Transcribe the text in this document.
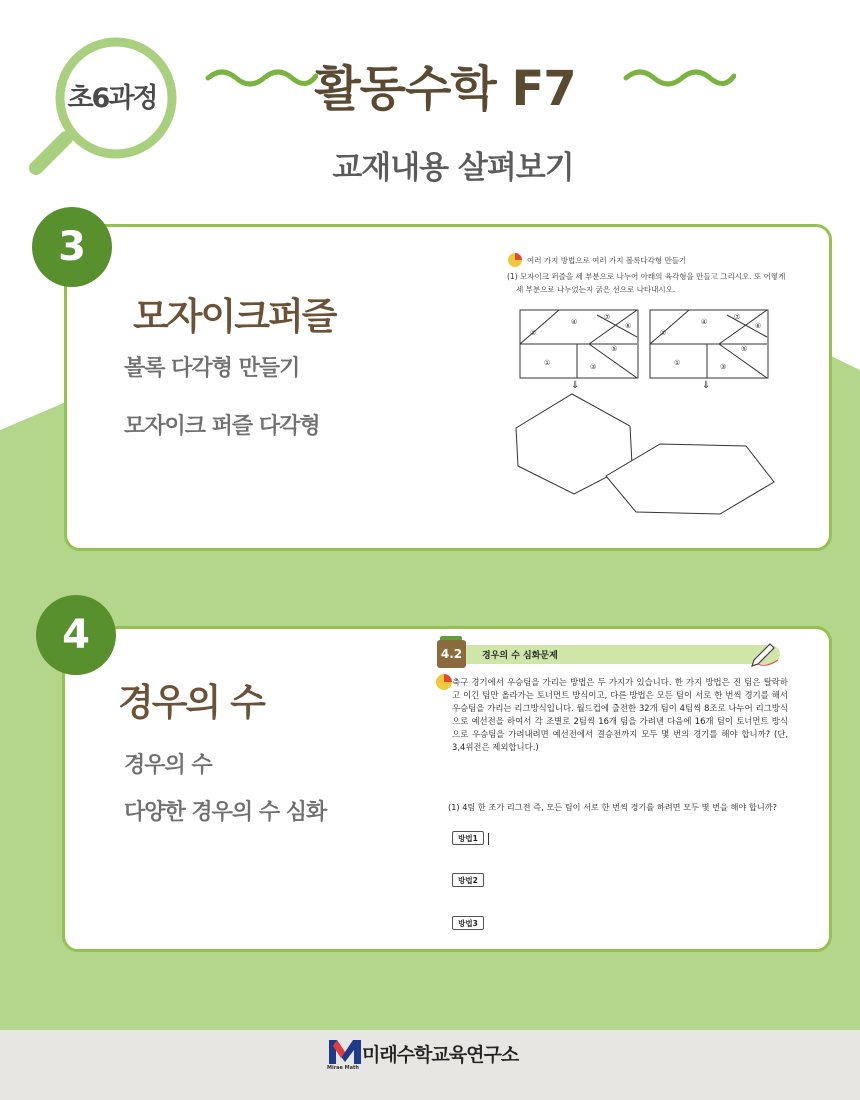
초6과정	활동수학 F7
교재내용 살펴보기
3
모자이크퍼즐
볼록 다각형 만들기
모자이크 퍼즐 다각형
여러 가지 방법으로 여러 가지 볼록다각형 만들기
(1) 모자이크 퍼즐을 세 부분으로 나누어 아래의 육각형을 만들고 그리시오. 또 어떻게
세 부분으로 나누었는지 굵은 선으로 나타내시오.
②
④
⑦
⑥
⑤
①	③
②
④
⑦
⑥
⑤
①	③
⇓	⇓
4
경우의 수
경우의 수
다양한 경우의 수 심화
4.2	경우의 수 심화문제
축구 경기에서 우승팀을 가리는 방법은 두 가지가 있습니다. 한 가지 방법은 진 팀은 탈락하고 이긴 팀만 올라가는 토너먼트 방식이고, 다른 방법은 모든 팀이 서로 한 번씩 경기를 해서 우승팀을 가리는 리그방식입니다. 월드컵에 출전한 32개 팀이 4팀씩 8조로 나누어 리그방식으로 예선전을 하여서 각 조별로 2팀씩 16개 팀을 가려낸 다음에 16개 팀이 토너먼트 방식으로 우승팀을 가려내려면 예선전에서 결승전까지 모두 몇 번의 경기를 해야 합니까? (단, 3,4위전은 제외합니다.)
(1) 4팀 한 조가 리그전 즉, 모든 팀이 서로 한 번씩 경기를 하려면 모두 몇 번을 해야 합니까?
방법1
방법2
방법3
Mirae Math
미래수학교육연구소
